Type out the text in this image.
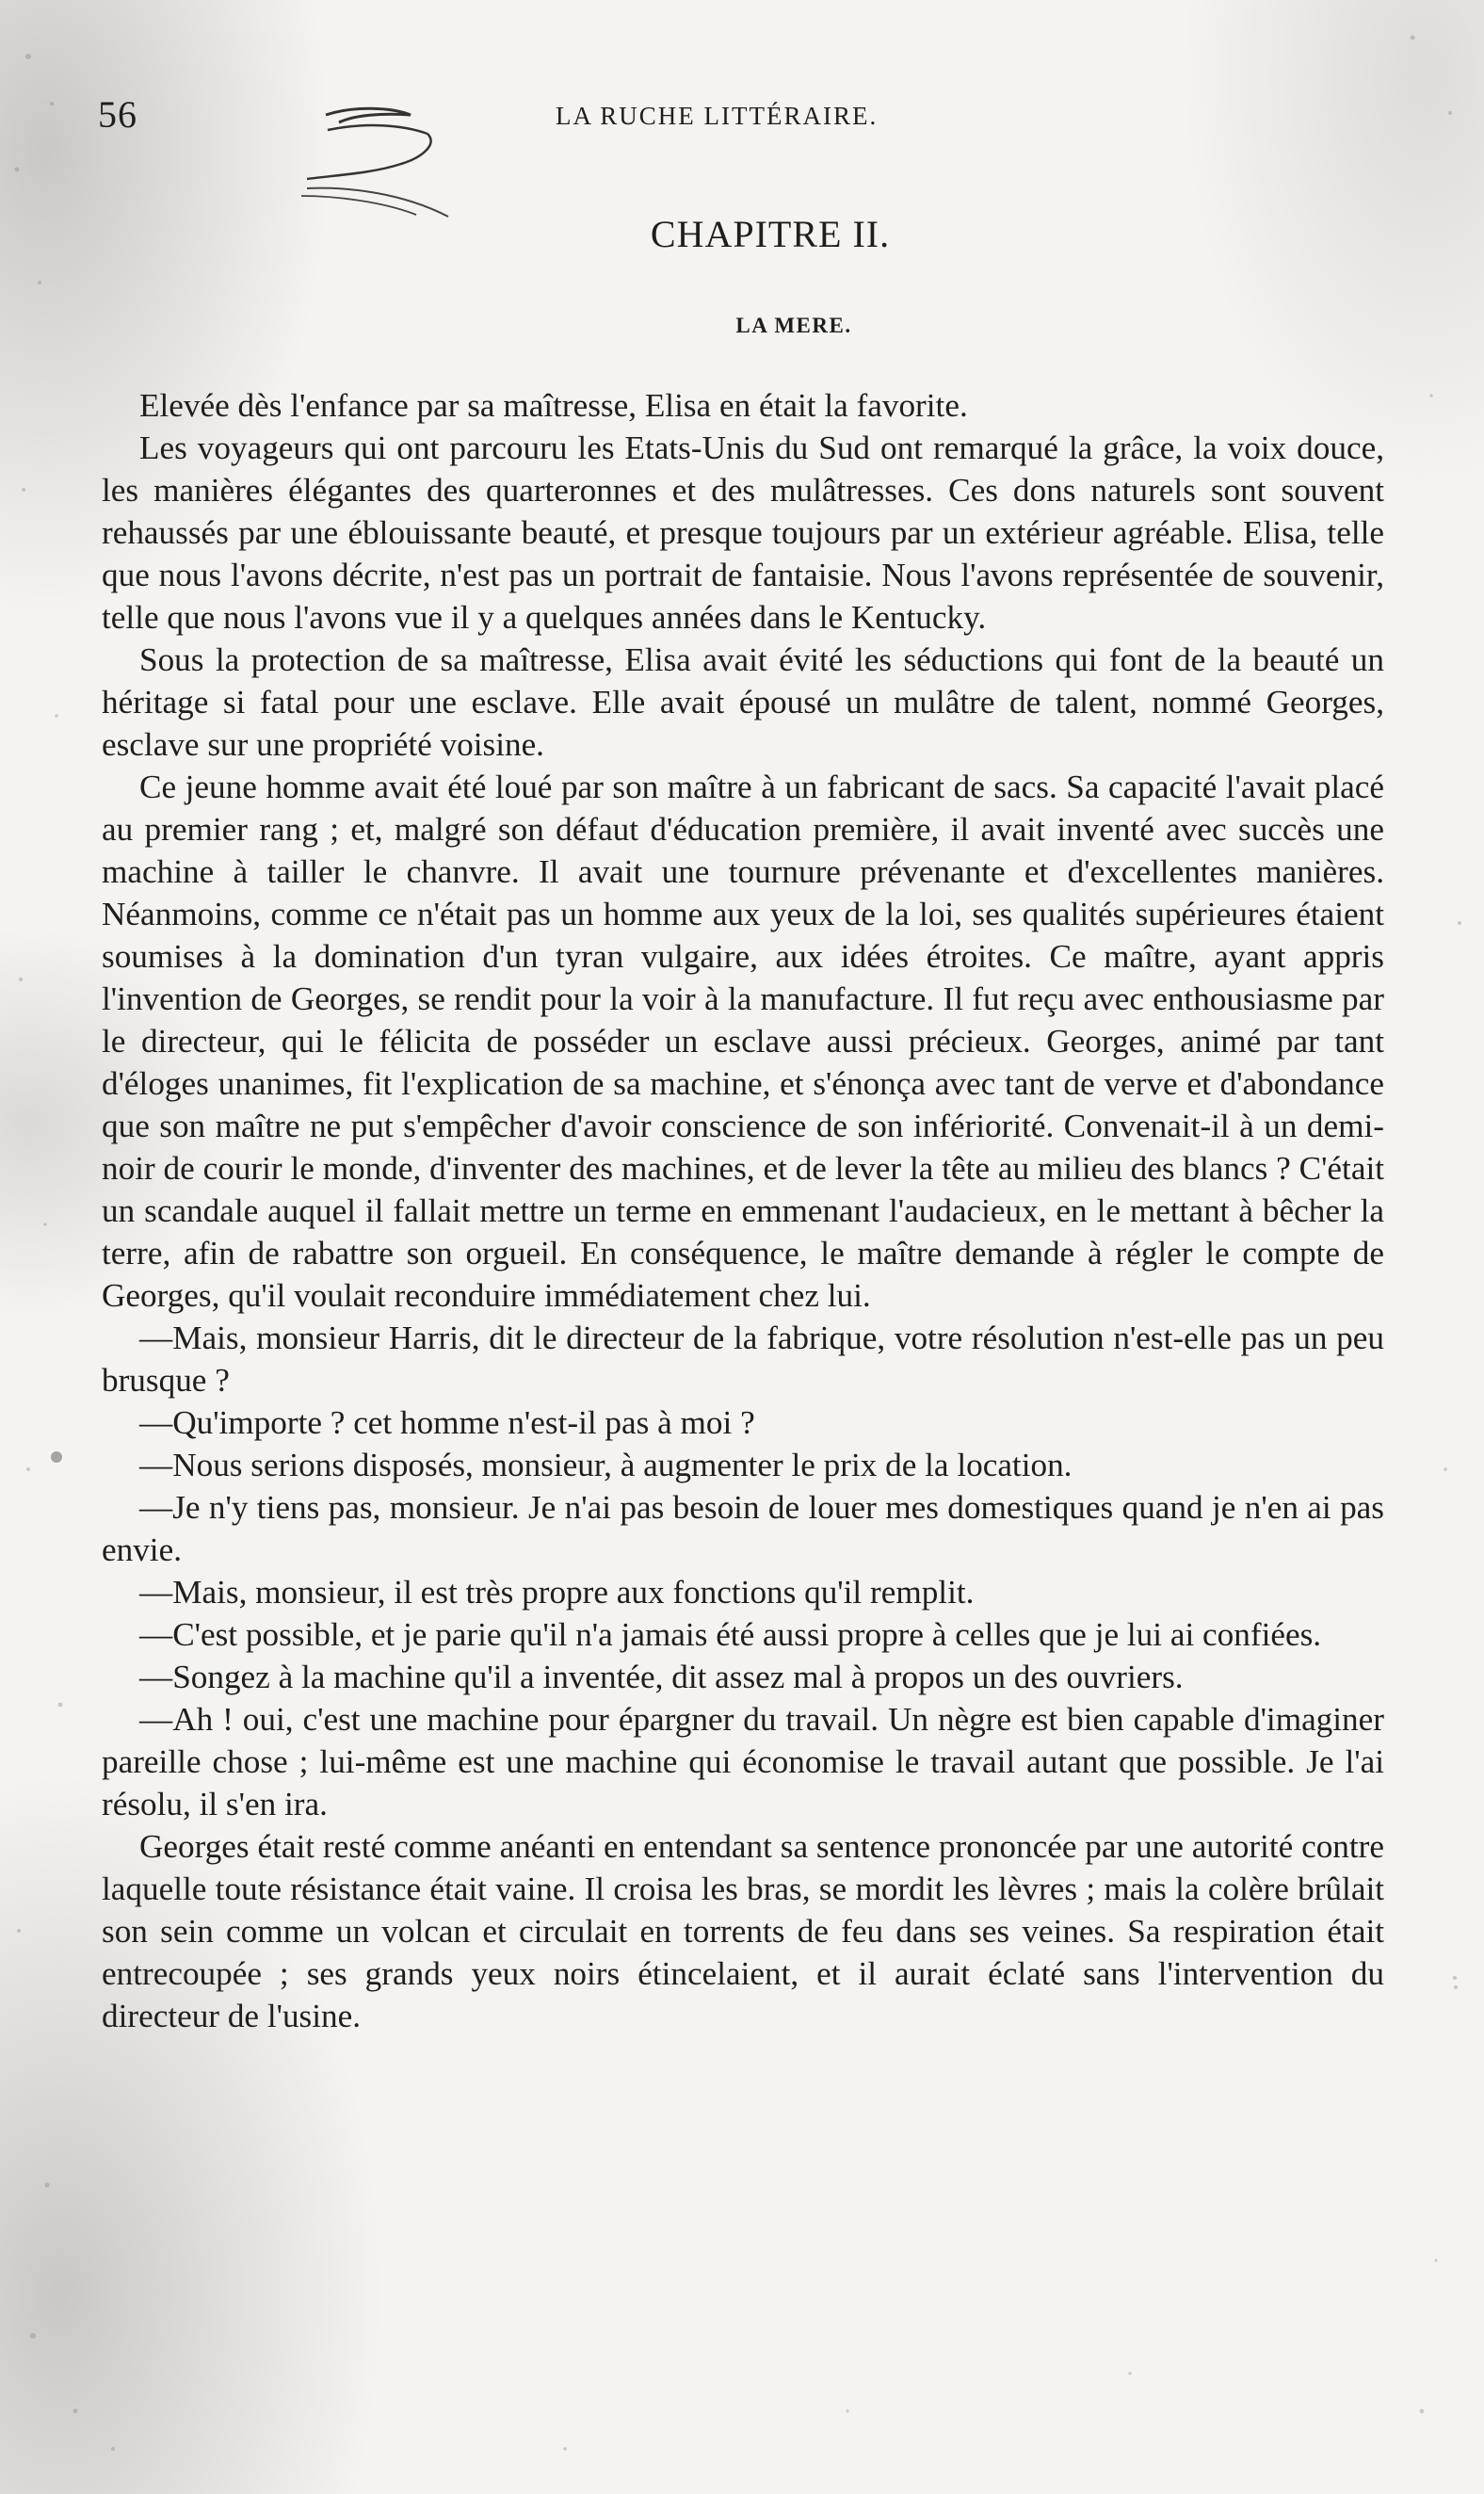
56	LA RUCHE LITTÉRAIRE.
CHAPITRE II.
LA MERE.

Elevée dès l'enfance par sa maîtresse, Elisa en était la favorite.

Les voyageurs qui ont parcouru les Etats-Unis du Sud ont remarqué la grâce, la voix douce, les manières élégantes des quarteronnes et des mulâtresses. Ces dons naturels sont souvent rehaussés par une éblouissante beauté, et presque toujours par un extérieur agréable. Elisa, telle que nous l'avons décrite, n'est pas un portrait de fantaisie. Nous l'avons représentée de souvenir, telle que nous l'avons vue il y a quelques années dans le Kentucky.

Sous la protection de sa maîtresse, Elisa avait évité les séductions qui font de la beauté un héritage si fatal pour une esclave. Elle avait épousé un mulâtre de talent, nommé Georges, esclave sur une propriété voisine.

Ce jeune homme avait été loué par son maître à un fabricant de sacs. Sa capacité l'avait placé au premier rang ; et, malgré son défaut d'éducation première, il avait inventé avec succès une machine à tailler le chanvre. Il avait une tournure prévenante et d'excellentes manières. Néanmoins, comme ce n'était pas un homme aux yeux de la loi, ses qualités supérieures étaient soumises à la domination d'un tyran vulgaire, aux idées étroites. Ce maître, ayant appris l'invention de Georges, se rendit pour la voir à la manufacture. Il fut reçu avec enthousiasme par le directeur, qui le félicita de posséder un esclave aussi précieux. Georges, animé par tant d'éloges unanimes, fit l'explication de sa machine, et s'énonça avec tant de verve et d'abondance que son maître ne put s'empêcher d'avoir conscience de son infériorité. Convenait-il à un demi-noir de courir le monde, d'inventer des machines, et de lever la tête au milieu des blancs ? C'était un scandale auquel il fallait mettre un terme en emmenant l'audacieux, en le mettant à bêcher la terre, afin de rabattre son orgueil. En conséquence, le maître demande à régler le compte de Georges, qu'il voulait reconduire immédiatement chez lui.

—Mais, monsieur Harris, dit le directeur de la fabrique, votre résolution n'est-elle pas un peu brusque ?

—Qu'importe ? cet homme n'est-il pas à moi ?

—Nous serions disposés, monsieur, à augmenter le prix de la location.

—Je n'y tiens pas, monsieur. Je n'ai pas besoin de louer mes domestiques quand je n'en ai pas envie.

—Mais, monsieur, il est très propre aux fonctions qu'il remplit.

—C'est possible, et je parie qu'il n'a jamais été aussi propre à celles que je lui ai confiées.

—Songez à la machine qu'il a inventée, dit assez mal à propos un des ouvriers.

—Ah ! oui, c'est une machine pour épargner du travail. Un nègre est bien capable d'imaginer pareille chose ; lui-même est une machine qui économise le travail autant que possible. Je l'ai résolu, il s'en ira.

Georges était resté comme anéanti en entendant sa sentence prononcée par une autorité contre laquelle toute résistance était vaine. Il croisa les bras, se mordit les lèvres ; mais la colère brûlait son sein comme un volcan et circulait en torrents de feu dans ses veines. Sa respiration était entrecoupée ; ses grands yeux noirs étincelaient, et il aurait éclaté sans l'intervention du directeur de l'usine.
